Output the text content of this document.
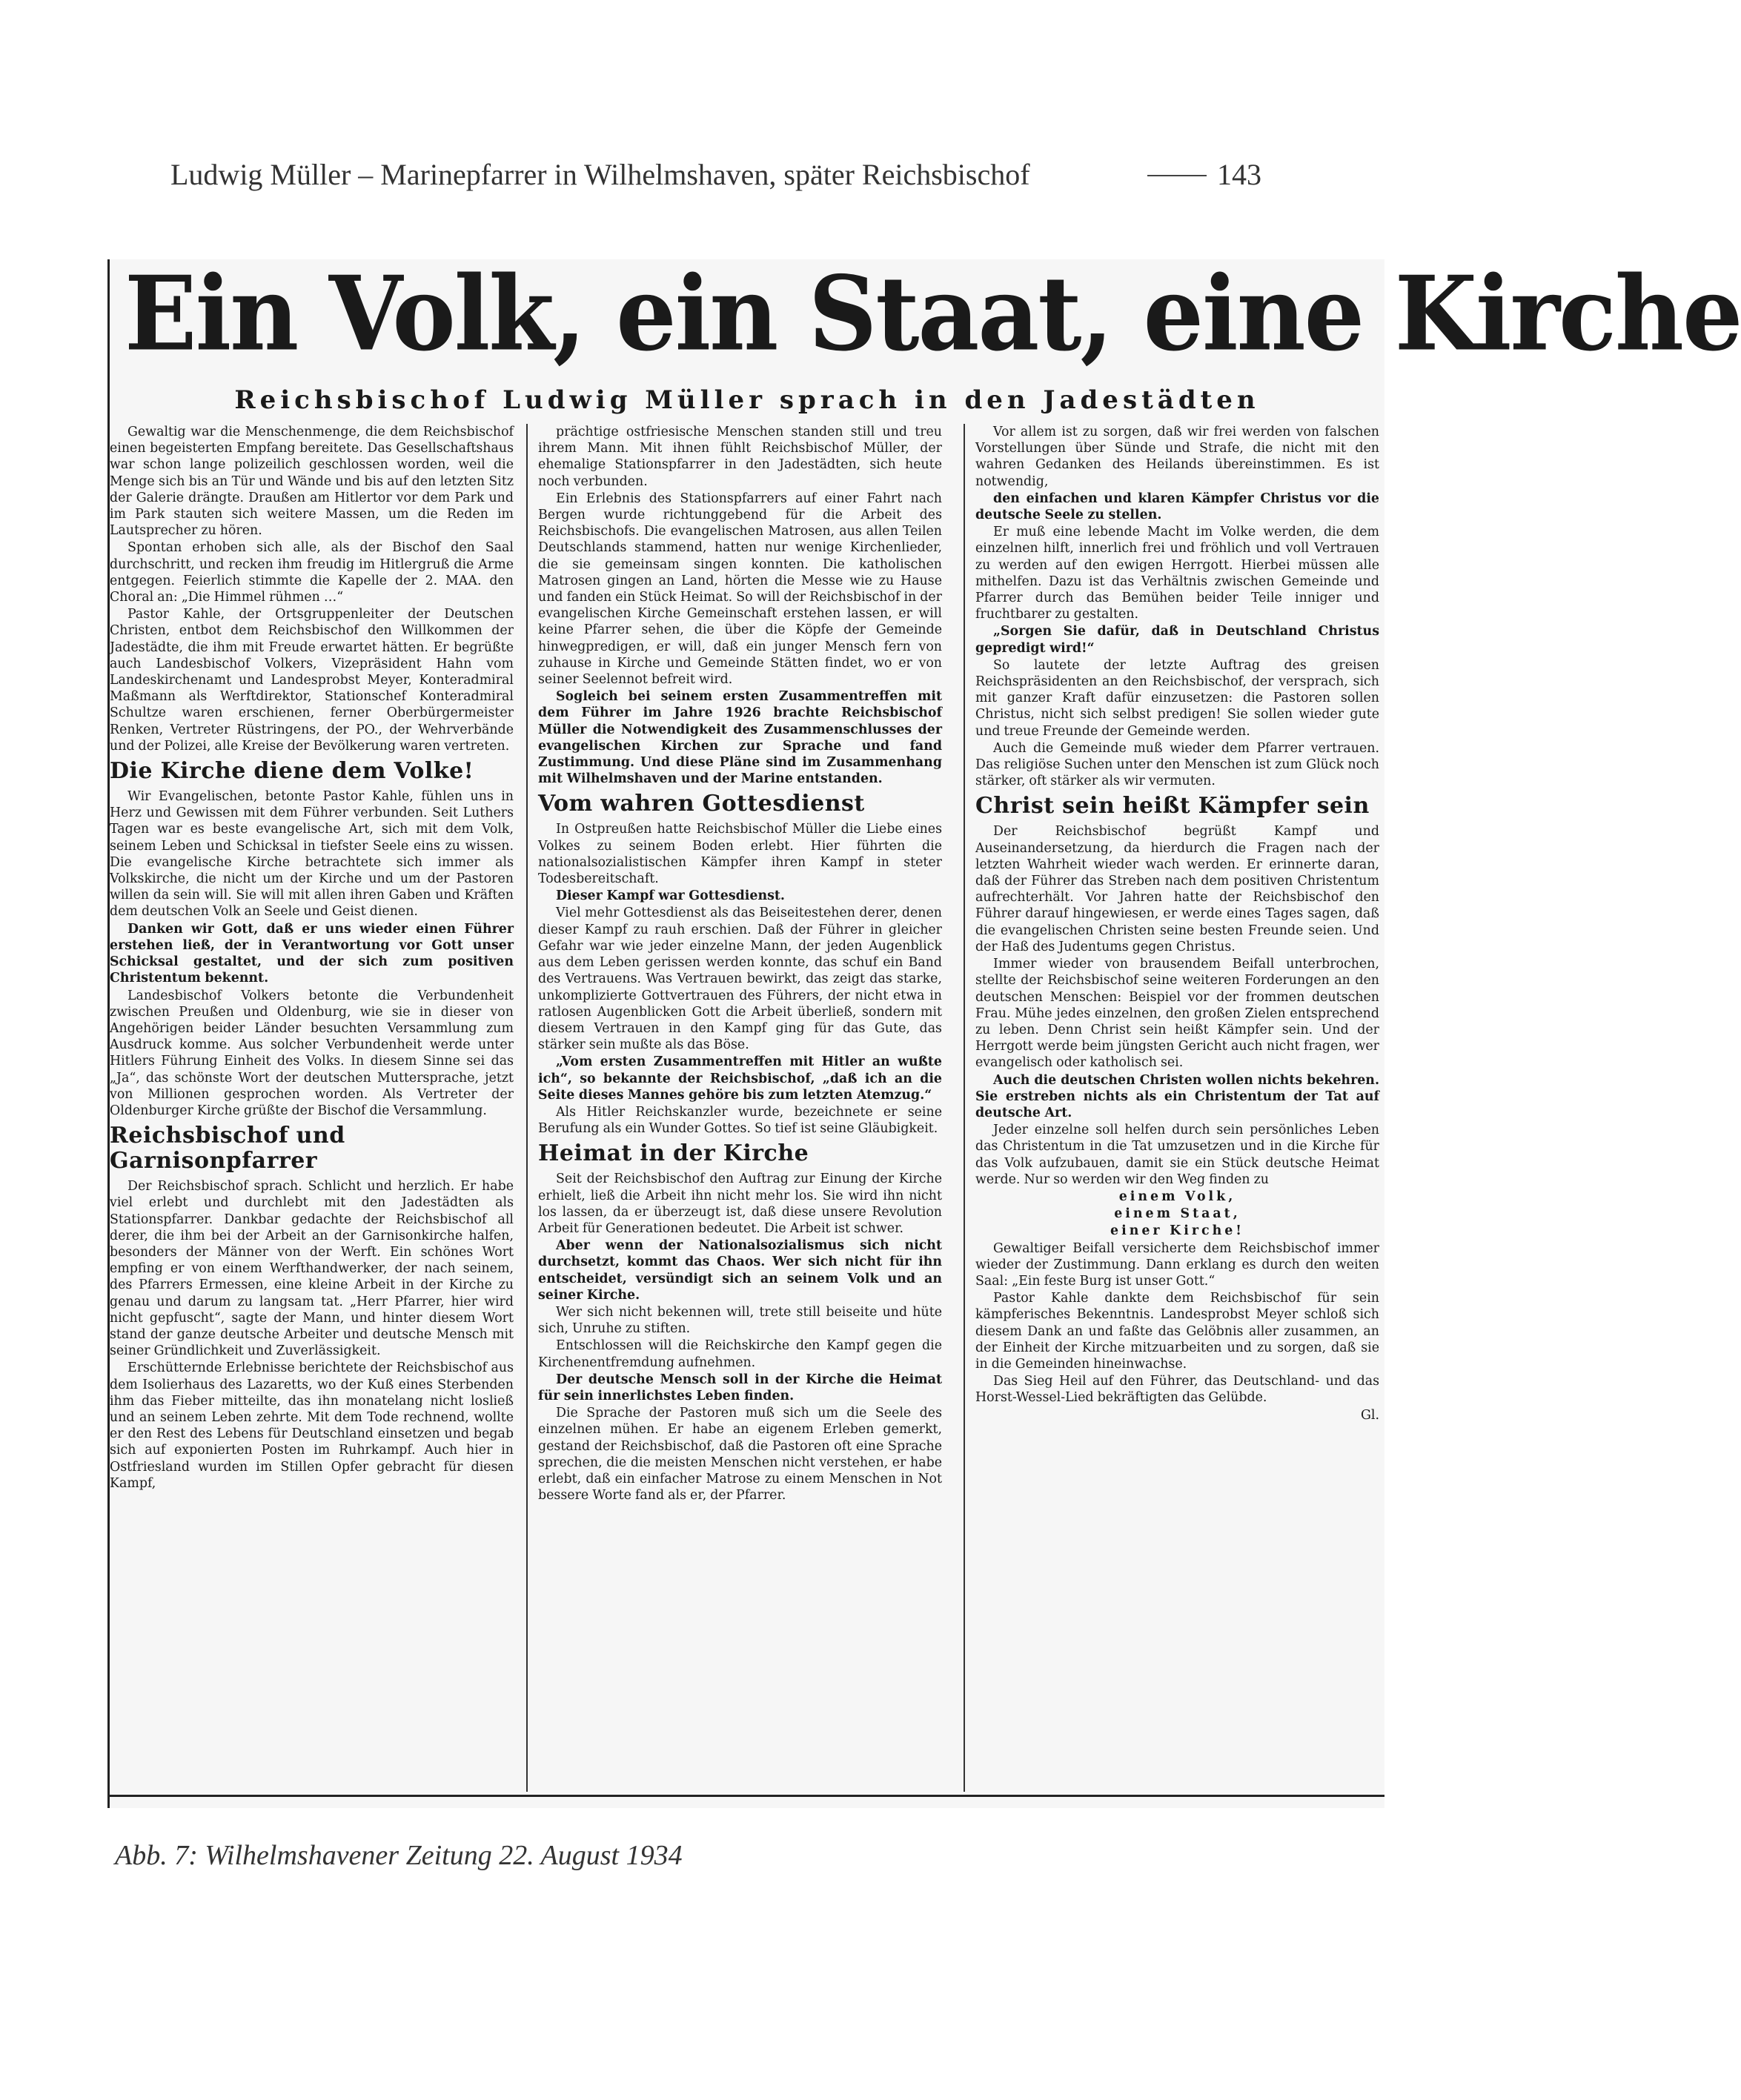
Ludwig Müller – Marinepfarrer in Wilhelmshaven, später Reichsbischof	143
Ein Volk, ein Staat, eine Kirche
Reichsbischof Ludwig Müller sprach in den Jadestädten

Gewaltig war die Menschenmenge, die dem Reichsbischof einen begeisterten Empfang bereitete. Das Gesellschaftshaus war schon lange polizeilich geschlossen worden, weil die Menge sich bis an Tür und Wände und bis auf den letzten Sitz der Galerie drängte. Draußen am Hitlertor vor dem Park und im Park stauten sich weitere Massen, um die Reden im Lautsprecher zu hören.

Spontan erhoben sich alle, als der Bischof den Saal durchschritt, und recken ihm freudig im Hitlergruß die Arme entgegen. Feierlich stimmte die Kapelle der 2. MAA. den Choral an: „Die Himmel rühmen …“

Pastor Kahle, der Ortsgruppenleiter der Deutschen Christen, entbot dem Reichsbischof den Willkommen der Jadestädte, die ihm mit Freude erwartet hätten. Er begrüßte auch Landesbischof Volkers, Vizepräsident Hahn vom Landeskirchenamt und Landesprobst Meyer, Konteradmiral Maßmann als Werftdirektor, Stationschef Konteradmiral Schultze waren erschienen, ferner Oberbürgermeister Renken, Vertreter Rüstringens, der PO., der Wehrverbände und der Polizei, alle Kreise der Bevölkerung waren vertreten.

Die Kirche diene dem Volke!

Wir Evangelischen, betonte Pastor Kahle, fühlen uns in Herz und Gewissen mit dem Führer verbunden. Seit Luthers Tagen war es beste evangelische Art, sich mit dem Volk, seinem Leben und Schicksal in tiefster Seele eins zu wissen. Die evangelische Kirche betrachtete sich immer als Volkskirche, die nicht um der Kirche und um der Pastoren willen da sein will. Sie will mit allen ihren Gaben und Kräften dem deutschen Volk an Seele und Geist dienen.

Danken wir Gott, daß er uns wieder einen Führer erstehen ließ, der in Verantwortung vor Gott unser Schicksal gestaltet, und der sich zum positiven Christentum bekennt.

Landesbischof Volkers betonte die Verbundenheit zwischen Preußen und Oldenburg, wie sie in dieser von Angehörigen beider Länder besuchten Versammlung zum Ausdruck komme. Aus solcher Verbundenheit werde unter Hitlers Führung Einheit des Volks. In diesem Sinne sei das „Ja“, das schönste Wort der deutschen Muttersprache, jetzt von Millionen gesprochen worden. Als Vertreter der Oldenburger Kirche grüßte der Bischof die Versammlung.

Reichsbischof und Garnisonpfarrer

Der Reichsbischof sprach. Schlicht und herzlich. Er habe viel erlebt und durchlebt mit den Jadestädten als Stationspfarrer. Dankbar gedachte der Reichsbischof all derer, die ihm bei der Arbeit an der Garnisonkirche halfen, besonders der Männer von der Werft. Ein schönes Wort empfing er von einem Werfthandwerker, der nach seinem, des Pfarrers Ermessen, eine kleine Arbeit in der Kirche zu genau und darum zu langsam tat. „Herr Pfarrer, hier wird nicht gepfuscht“, sagte der Mann, und hinter diesem Wort stand der ganze deutsche Arbeiter und deutsche Mensch mit seiner Gründlichkeit und Zuverlässigkeit.

Erschütternde Erlebnisse berichtete der Reichsbischof aus dem Isolierhaus des Lazaretts, wo der Kuß eines Sterbenden ihm das Fieber mitteilte, das ihn monatelang nicht losließ und an seinem Leben zehrte. Mit dem Tode rechnend, wollte er den Rest des Lebens für Deutschland einsetzen und begab sich auf exponierten Posten im Ruhrkampf. Auch hier in Ostfriesland wurden im Stillen Opfer gebracht für diesen Kampf,

prächtige ostfriesische Menschen standen still und treu ihrem Mann. Mit ihnen fühlt Reichsbischof Müller, der ehemalige Stationspfarrer in den Jadestädten, sich heute noch verbunden.

Ein Erlebnis des Stationspfarrers auf einer Fahrt nach Bergen wurde richtunggebend für die Arbeit des Reichsbischofs. Die evangelischen Matrosen, aus allen Teilen Deutschlands stammend, hatten nur wenige Kirchenlieder, die sie gemeinsam singen konnten. Die katholischen Matrosen gingen an Land, hörten die Messe wie zu Hause und fanden ein Stück Heimat. So will der Reichsbischof in der evangelischen Kirche Gemeinschaft erstehen lassen, er will keine Pfarrer sehen, die über die Köpfe der Gemeinde hinwegpredigen, er will, daß ein junger Mensch fern von zuhause in Kirche und Gemeinde Stätten findet, wo er von seiner Seelennot befreit wird.

Sogleich bei seinem ersten Zusammentreffen mit dem Führer im Jahre 1926 brachte Reichsbischof Müller die Notwendigkeit des Zusammenschlusses der evangelischen Kirchen zur Sprache und fand Zustimmung. Und diese Pläne sind im Zusammenhang mit Wilhelmshaven und der Marine entstanden.

Vom wahren Gottesdienst

In Ostpreußen hatte Reichsbischof Müller die Liebe eines Volkes zu seinem Boden erlebt. Hier führten die nationalsozialistischen Kämpfer ihren Kampf in steter Todesbereitschaft.

Dieser Kampf war Gottesdienst.

Viel mehr Gottesdienst als das Beiseitestehen derer, denen dieser Kampf zu rauh erschien. Daß der Führer in gleicher Gefahr war wie jeder einzelne Mann, der jeden Augenblick aus dem Leben gerissen werden konnte, das schuf ein Band des Vertrauens. Was Vertrauen bewirkt, das zeigt das starke, unkomplizierte Gottvertrauen des Führers, der nicht etwa in ratlosen Augenblicken Gott die Arbeit überließ, sondern mit diesem Vertrauen in den Kampf ging für das Gute, das stärker sein mußte als das Böse.

„Vom ersten Zusammentreffen mit Hitler an wußte ich“, so bekannte der Reichsbischof, „daß ich an die Seite dieses Mannes gehöre bis zum letzten Atemzug.“

Als Hitler Reichskanzler wurde, bezeichnete er seine Berufung als ein Wunder Gottes. So tief ist seine Gläubigkeit.

Heimat in der Kirche

Seit der Reichsbischof den Auftrag zur Einung der Kirche erhielt, ließ die Arbeit ihn nicht mehr los. Sie wird ihn nicht los lassen, da er überzeugt ist, daß diese unsere Revolution Arbeit für Generationen bedeutet. Die Arbeit ist schwer.

Aber wenn der Nationalsozialismus sich nicht durchsetzt, kommt das Chaos. Wer sich nicht für ihn entscheidet, versündigt sich an seinem Volk und an seiner Kirche.

Wer sich nicht bekennen will, trete still beiseite und hüte sich, Unruhe zu stiften.

Entschlossen will die Reichskirche den Kampf gegen die Kirchenentfremdung aufnehmen.

Der deutsche Mensch soll in der Kirche die Heimat für sein innerlichstes Leben finden.

Die Sprache der Pastoren muß sich um die Seele des einzelnen mühen. Er habe an eigenem Erleben gemerkt, gestand der Reichsbischof, daß die Pastoren oft eine Sprache sprechen, die die meisten Menschen nicht verstehen, er habe erlebt, daß ein einfacher Matrose zu einem Menschen in Not bessere Worte fand als er, der Pfarrer.

Vor allem ist zu sorgen, daß wir frei werden von falschen Vorstellungen über Sünde und Strafe, die nicht mit den wahren Gedanken des Heilands übereinstimmen. Es ist notwendig,

den einfachen und klaren Kämpfer Christus vor die deutsche Seele zu stellen.

Er muß eine lebende Macht im Volke werden, die dem einzelnen hilft, innerlich frei und fröhlich und voll Vertrauen zu werden auf den ewigen Herrgott. Hierbei müssen alle mithelfen. Dazu ist das Verhältnis zwischen Gemeinde und Pfarrer durch das Bemühen beider Teile inniger und fruchtbarer zu gestalten.

„Sorgen Sie dafür, daß in Deutschland Christus gepredigt wird!“

So lautete der letzte Auftrag des greisen Reichspräsidenten an den Reichsbischof, der versprach, sich mit ganzer Kraft dafür einzusetzen: die Pastoren sollen Christus, nicht sich selbst predigen! Sie sollen wieder gute und treue Freunde der Gemeinde werden.

Auch die Gemeinde muß wieder dem Pfarrer vertrauen. Das religiöse Suchen unter den Menschen ist zum Glück noch stärker, oft stärker als wir vermuten.

Christ sein heißt Kämpfer sein

Der Reichsbischof begrüßt Kampf und Auseinandersetzung, da hierdurch die Fragen nach der letzten Wahrheit wieder wach werden. Er erinnerte daran, daß der Führer das Streben nach dem positiven Christentum aufrechterhält. Vor Jahren hatte der Reichsbischof den Führer darauf hingewiesen, er werde eines Tages sagen, daß die evangelischen Christen seine besten Freunde seien. Und der Haß des Judentums gegen Christus.

Immer wieder von brausendem Beifall unterbrochen, stellte der Reichsbischof seine weiteren Forderungen an den deutschen Menschen: Beispiel vor der frommen deutschen Frau. Mühe jedes einzelnen, den großen Zielen entsprechend zu leben. Denn Christ sein heißt Kämpfer sein. Und der Herrgott werde beim jüngsten Gericht auch nicht fragen, wer evangelisch oder katholisch sei.

Auch die deutschen Christen wollen nichts bekehren. Sie erstreben nichts als ein Christentum der Tat auf deutsche Art.

Jeder einzelne soll helfen durch sein persönliches Leben das Christentum in die Tat umzusetzen und in die Kirche für das Volk aufzubauen, damit sie ein Stück deutsche Heimat werde. Nur so werden wir den Weg finden zu

einem Volk,

einem Staat,

einer Kirche!

Gewaltiger Beifall versicherte dem Reichsbischof immer wieder der Zustimmung. Dann erklang es durch den weiten Saal: „Ein feste Burg ist unser Gott.“

Pastor Kahle dankte dem Reichsbischof für sein kämpferisches Bekenntnis. Landesprobst Meyer schloß sich diesem Dank an und faßte das Gelöbnis aller zusammen, an der Einheit der Kirche mitzuarbeiten und zu sorgen, daß sie in die Gemeinden hineinwachse.

Das Sieg Heil auf den Führer, das Deutschland- und das Horst-Wessel-Lied bekräftigten das Gelübde.

Gl.

Abb. 7: Wilhelmshavener Zeitung 22. August 1934
